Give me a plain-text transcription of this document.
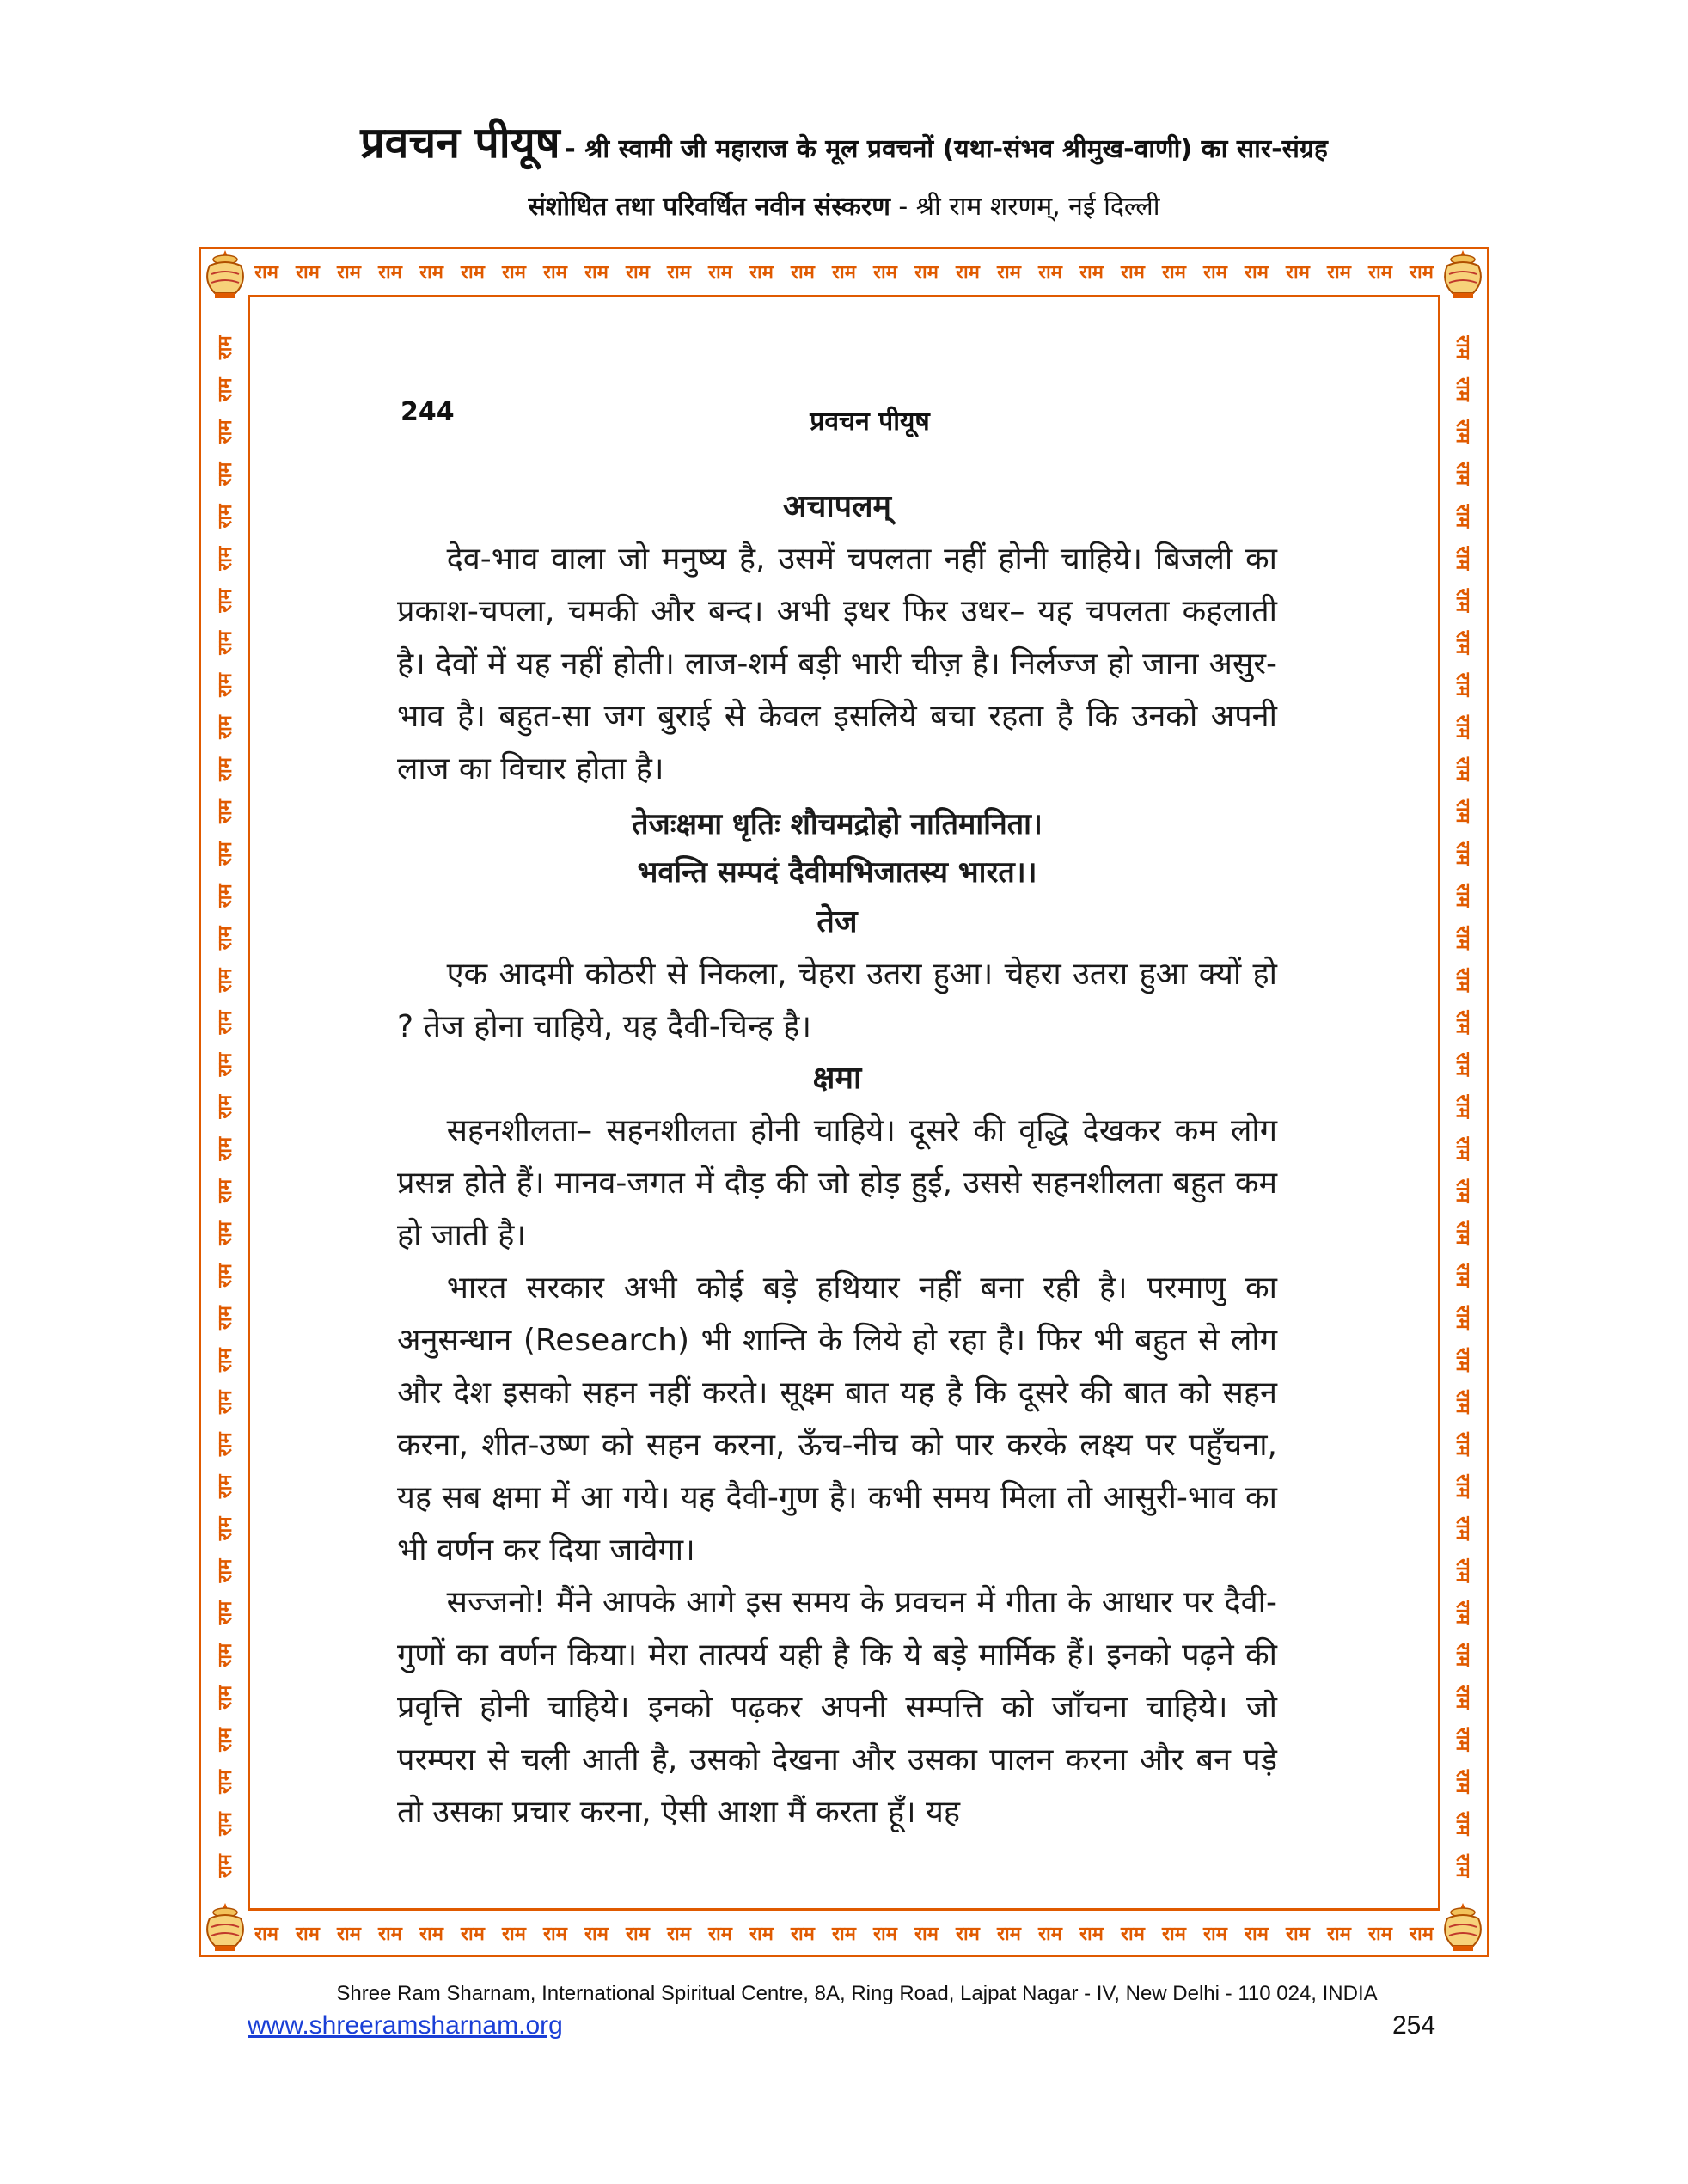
प्रवचन पीयूष - श्री स्वामी जी महाराज के मूल प्रवचनों (यथा-संभव श्रीमुख-वाणी) का सार-संग्रह
संशोधित तथा परिवर्धित नवीन संस्करण - श्री राम शरणम्, नई दिल्ली
राम राम राम राम राम राम राम राम राम राम राम राम राम राम राम राम राम राम राम राम राम राम राम राम राम राम राम राम राम
राम राम राम राम राम राम राम राम राम राम राम राम राम राम राम राम राम राम राम राम राम राम राम राम राम राम राम राम राम
राम
राम
राम
राम
राम
राम
राम
राम
राम
राम
राम
राम
राम
राम
राम
राम
राम
राम
राम
राम
राम
राम
राम
राम
राम
राम
राम
राम
राम
राम
राम
राम
राम
राम
राम
राम
राम	राम
राम
राम
राम
राम
राम
राम
राम
राम
राम
राम
राम
राम
राम
राम
राम
राम
राम
राम
राम
राम
राम
राम
राम
राम
राम
राम
राम
राम
राम
राम
राम
राम
राम
राम
राम
राम
244	प्रवचन पीयूष
अचापलम्

देव-भाव वाला जो मनुष्य है, उसमें चपलता नहीं होनी चाहिये। बिजली का प्रकाश-चपला, चमकी और बन्द। अभी इधर फिर उधर– यह चपलता कहलाती है। देवों में यह नहीं होती। लाज-शर्म बड़ी भारी चीज़ है। निर्लज्ज हो जाना असुर-भाव है। बहुत-सा जग बुराई से केवल इसलिये बचा रहता है कि उनको अपनी लाज का विचार होता है।

तेजःक्षमा धृतिः शौचमद्रोहो नातिमानिता।
भवन्ति सम्पदं दैवीमभिजातस्य भारत।।
तेज

एक आदमी कोठरी से निकला, चेहरा उतरा हुआ। चेहरा उतरा हुआ क्यों हो ? तेज होना चाहिये, यह दैवी-चिन्ह है।

क्षमा

सहनशीलता– सहनशीलता होनी चाहिये। दूसरे की वृद्धि देखकर कम लोग प्रसन्न होते हैं। मानव-जगत में दौड़ की जो होड़ हुई, उससे सहनशीलता बहुत कम हो जाती है।

भारत सरकार अभी कोई बड़े हथियार नहीं बना रही है। परमाणु का अनुसन्धान (Research) भी शान्ति के लिये हो रहा है। फिर भी बहुत से लोग और देश इसको सहन नहीं करते। सूक्ष्म बात यह है कि दूसरे की बात को सहन करना, शीत-उष्ण को सहन करना, ऊँच-नीच को पार करके लक्ष्य पर पहुँचना, यह सब क्षमा में आ गये। यह दैवी-गुण है। कभी समय मिला तो आसुरी-भाव का भी वर्णन कर दिया जावेगा।

सज्जनो! मैंने आपके आगे इस समय के प्रवचन में गीता के आधार पर दैवी-गुणों का वर्णन किया। मेरा तात्पर्य यही है कि ये बड़े मार्मिक हैं। इनको पढ़ने की प्रवृत्ति होनी चाहिये। इनको पढ़कर अपनी सम्पत्ति को जाँचना चाहिये। जो परम्परा से चली आती है, उसको देखना और उसका पालन करना और बन पड़े तो उसका प्रचार करना, ऐसी आशा मैं करता हूँ। यह

Shree Ram Sharnam, International Spiritual Centre, 8A, Ring Road, Lajpat Nagar - IV, New Delhi - 110 024, INDIA
www.shreeramsharnam.org	254
